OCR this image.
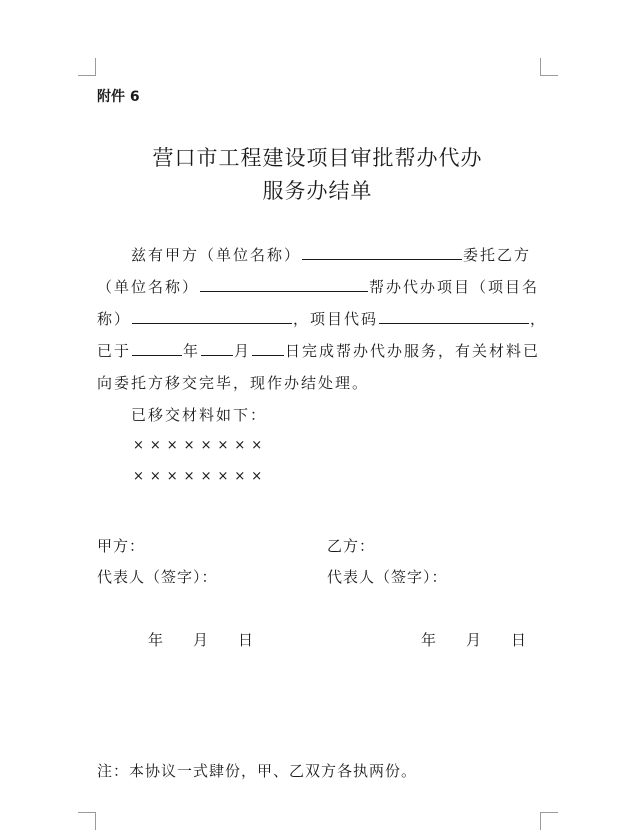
附件 6
营口市工程建设项目审批帮办代办
服务办结单
兹有甲方（单位名称）	委托乙方
（单位名称）	帮办代办项目（项目名
称）	，项目代码	，
已于	年 月 日完成帮办代办服务，有关材料已
向委托方移交完毕，现作办结处理。
已移交材料如下：
××××××××
××××××××
甲方：	乙方：
代表人（签字）：	代表人（签字）：
年 月 日	年 月 日
注：本协议一式肆份，甲、乙双方各执两份。
